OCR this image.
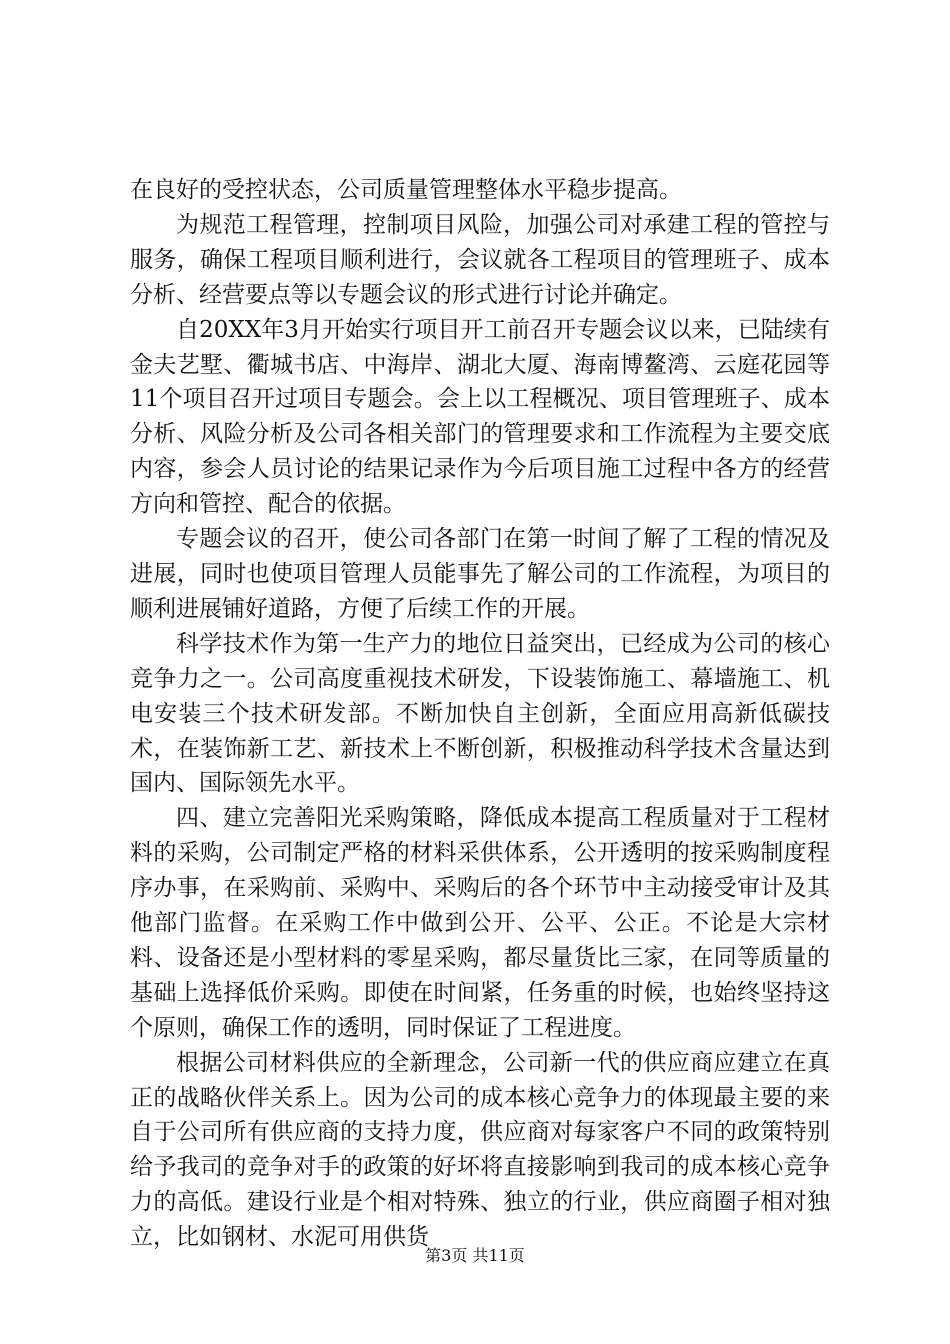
在良好的受控状态，公司质量管理整体水平稳步提高。

为规范工程管理，控制项目风险，加强公司对承建工程的管控与服务，确保工程项目顺利进行，会议就各工程项目的管理班子、成本分析、经营要点等以专题会议的形式进行讨论并确定。

自20XX年3月开始实行项目开工前召开专题会议以来，已陆续有金夫艺墅、衢城书店、中海岸、湖北大厦、海南博鳌湾、云庭花园等11个项目召开过项目专题会。会上以工程概况、项目管理班子、成本分析、风险分析及公司各相关部门的管理要求和工作流程为主要交底内容，参会人员讨论的结果记录作为今后项目施工过程中各方的经营方向和管控、配合的依据。

专题会议的召开，使公司各部门在第一时间了解了工程的情况及进展，同时也使项目管理人员能事先了解公司的工作流程，为项目的顺利进展铺好道路，方便了后续工作的开展。

科学技术作为第一生产力的地位日益突出，已经成为公司的核心竞争力之一。公司高度重视技术研发，下设装饰施工、幕墙施工、机电安装三个技术研发部。不断加快自主创新，全面应用高新低碳技术，在装饰新工艺、新技术上不断创新，积极推动科学技术含量达到国内、国际领先水平。

四、建立完善阳光采购策略，降低成本提高工程质量对于工程材料的采购，公司制定严格的材料采供体系，公开透明的按采购制度程序办事，在采购前、采购中、采购后的各个环节中主动接受审计及其他部门监督。在采购工作中做到公开、公平、公正。不论是大宗材料、设备还是小型材料的零星采购，都尽量货比三家，在同等质量的基础上选择低价采购。即使在时间紧，任务重的时候，也始终坚持这个原则，确保工作的透明，同时保证了工程进度。

根据公司材料供应的全新理念，公司新一代的供应商应建立在真正的战略伙伴关系上。因为公司的成本核心竞争力的体现最主要的来自于公司所有供应商的支持力度，供应商对每家客户不同的政策特别给予我司的竞争对手的政策的好坏将直接影响到我司的成本核心竞争力的高低。建设行业是个相对特殊、独立的行业，供应商圈子相对独立，比如钢材、水泥可用供货

第3页 共11页
